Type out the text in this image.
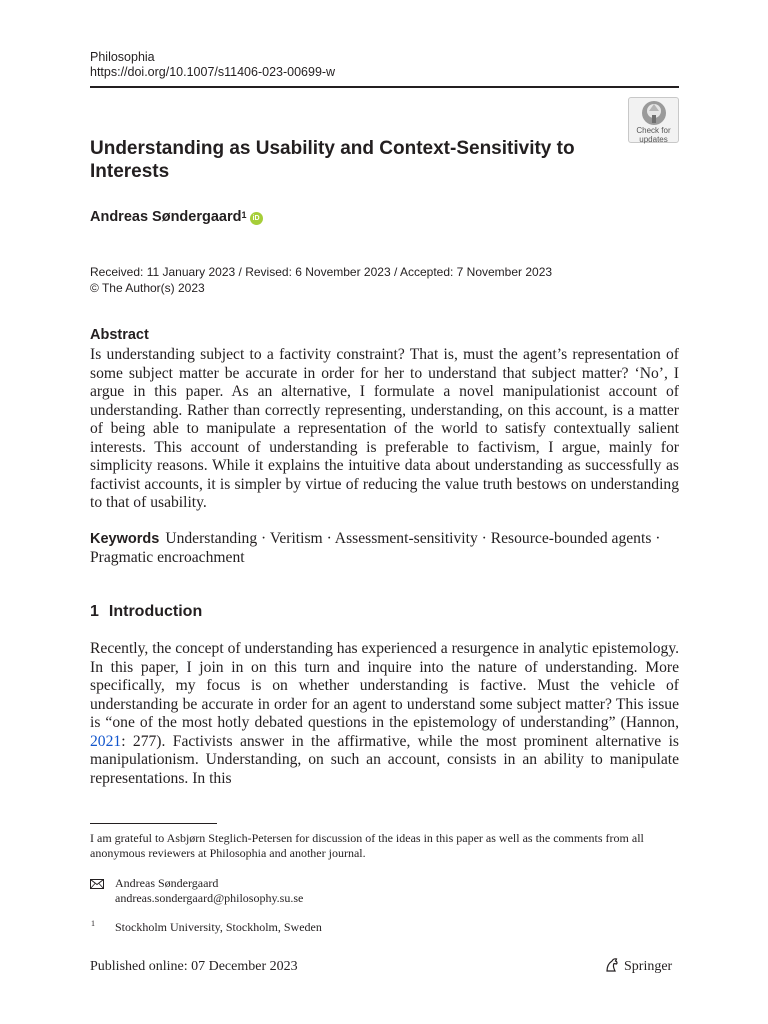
Philosophia
https://doi.org/10.1007/s11406-023-00699-w
Check for updates
Understanding as Usability and Context-Sensitivity to Interests
Andreas Søndergaard$^1$ iD
Received: 11 January 2023 / Revised: 6 November 2023 / Accepted: 7 November 2023
© The Author(s) 2023
Abstract
Is understanding subject to a factivity constraint? That is, must the agent’s representation of some subject matter be accurate in order for her to understand that subject matter? ‘No’, I argue in this paper. As an alternative, I formulate a novel manipulationist account of understanding. Rather than correctly representing, understanding, on this account, is a matter of being able to manipulate a representation of the world to satisfy contextually salient interests. This account of understanding is preferable to factivism, I argue, mainly for simplicity reasons. While it explains the intuitive data about understanding as successfully as factivist accounts, it is simpler by virtue of reducing the value truth bestows on understanding to that of usability.
Keywords Understanding · Veritism · Assessment-sensitivity · Resource-bounded agents · Pragmatic encroachment
1 Introduction
Recently, the concept of understanding has experienced a resurgence in analytic epistemology. In this paper, I join in on this turn and inquire into the nature of understanding. More specifically, my focus is on whether understanding is factive. Must the vehicle of understanding be accurate in order for an agent to understand some subject matter? This issue is “one of the most hotly debated questions in the epistemology of understanding” (Hannon, 2021: 277). Factivists answer in the affirmative, while the most prominent alternative is manipulationism. Understanding, on such an account, consists in an ability to manipulate representations. In this
I am grateful to Asbjørn Steglich-Petersen for discussion of the ideas in this paper as well as the comments from all anonymous reviewers at Philosophia and another journal.
Andreas Søndergaard
andreas.sondergaard@philosophy.su.se
1 Stockholm University, Stockholm, Sweden
Published online: 07 December 2023	Springer
